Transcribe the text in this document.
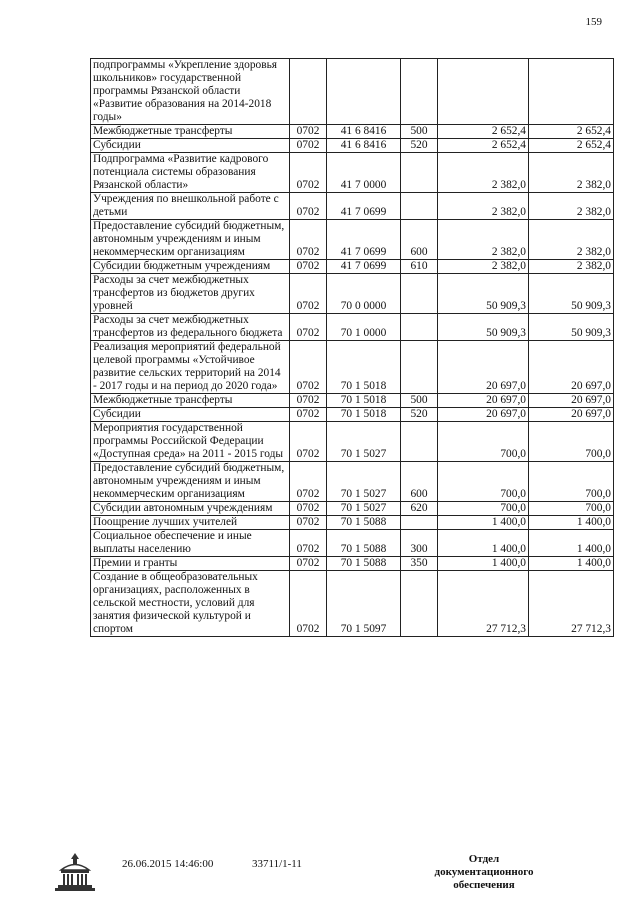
159
подпрограммы «Укрепление здоровья школьников» государственной программы Рязанской области «Развитие образования на 2014-2018 годы»					
Межбюджетные трансферты	0702	41 6 8416	500	2 652,4	2 652,4
Субсидии	0702	41 6 8416	520	2 652,4	2 652,4
Подпрограмма «Развитие кадрового потенциала системы образования Рязанской области»	0702	41 7 0000		2 382,0	2 382,0
Учреждения по внешкольной работе с детьми	0702	41 7 0699		2 382,0	2 382,0
Предоставление субсидий бюджетным, автономным учреждениям и иным некоммерческим организациям	0702	41 7 0699	600	2 382,0	2 382,0
Субсидии бюджетным учреждениям	0702	41 7 0699	610	2 382,0	2 382,0
Расходы за счет межбюджетных трансфертов из бюджетов других уровней	0702	70 0 0000		50 909,3	50 909,3
Расходы за счет межбюджетных трансфертов из федерального бюджета	0702	70 1 0000		50 909,3	50 909,3
Реализация мероприятий федеральной целевой программы «Устойчивое развитие сельских территорий на 2014 - 2017 годы и на период до 2020 года»	0702	70 1 5018		20 697,0	20 697,0
Межбюджетные трансферты	0702	70 1 5018	500	20 697,0	20 697,0
Субсидии	0702	70 1 5018	520	20 697,0	20 697,0
Мероприятия государственной программы Российской Федерации «Доступная среда» на 2011 - 2015 годы	0702	70 1 5027		700,0	700,0
Предоставление субсидий бюджетным, автономным учреждениям и иным некоммерческим организациям	0702	70 1 5027	600	700,0	700,0
Субсидии автономным учреждениям	0702	70 1 5027	620	700,0	700,0
Поощрение лучших учителей	0702	70 1 5088		1 400,0	1 400,0
Социальное обеспечение и иные выплаты населению	0702	70 1 5088	300	1 400,0	1 400,0
Премии и гранты	0702	70 1 5088	350	1 400,0	1 400,0
Создание в общеобразовательных организациях, расположенных в сельской местности, условий для занятия физической культурой и спортом	0702	70 1 5097		27 712,3	27 712,3
26.06.2015 14:46:00	33711/1-11	Отдел документационного обеспечения
